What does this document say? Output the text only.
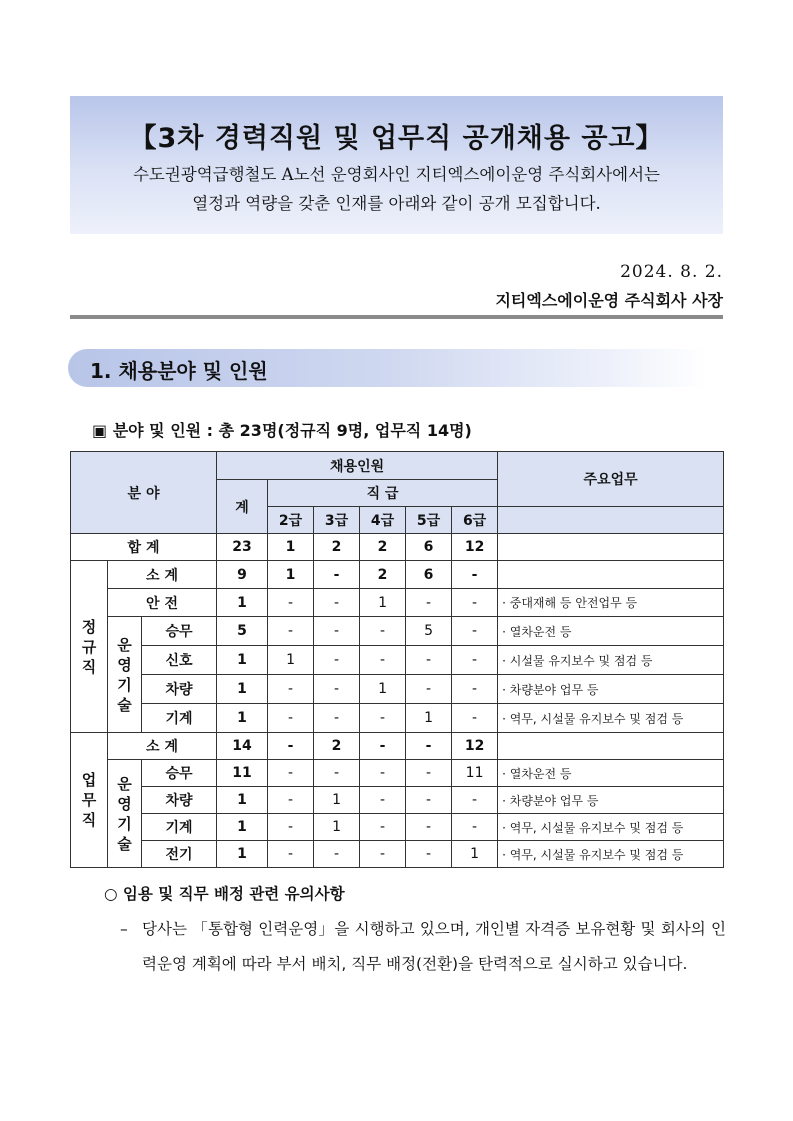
【3차 경력직원 및 업무직 공개채용 공고】
수도권광역급행철도 A노선 운영회사인 지티엑스에이운영 주식회사에서는
열정과 역량을 갖춘 인재를 아래와 같이 공개 모집합니다.
2024. 8. 2.
지티엑스에이운영 주식회사 사장
1. 채용분야 및 인원
▣ 분야 및 인원 : 총 23명(정규직 9명, 업무직 14명)
분 야			채용인원						주요업무
			계	직 급					
				2급	3급	4급	5급	6급	
합 계			23	1	2	2	6	12	
정
규
직	소 계		9	1	-	2	6	-	
	안 전		1	-	-	1	-	-	· 중대재해 등 안전업무 등
	운
영
기
술	승무	5	-	-	-	5	-	· 열차운전 등
		신호	1	1	-	-	-	-	· 시설물 유지보수 및 점검 등
		차량	1	-	-	1	-	-	· 차량분야 업무 등
		기계	1	-	-	-	1	-	· 역무, 시설물 유지보수 및 점검 등
업
무
직	소 계		14	-	2	-	-	12	
	운
영
기
술	승무	11	-	-	-	-	11	· 열차운전 등
		차량	1	-	1	-	-	-	· 차량분야 업무 등
		기계	1	-	1	-	-	-	· 역무, 시설물 유지보수 및 점검 등
		전기	1	-	-	-	-	1	· 역무, 시설물 유지보수 및 점검 등
○ 임용 및 직무 배정 관련 유의사항
– 당사는 「통합형 인력운영」을 시행하고 있으며, 개인별 자격증 보유현황 및 회사의 인력운영 계획에 따라 부서 배치, 직무 배정(전환)을 탄력적으로 실시하고 있습니다.
